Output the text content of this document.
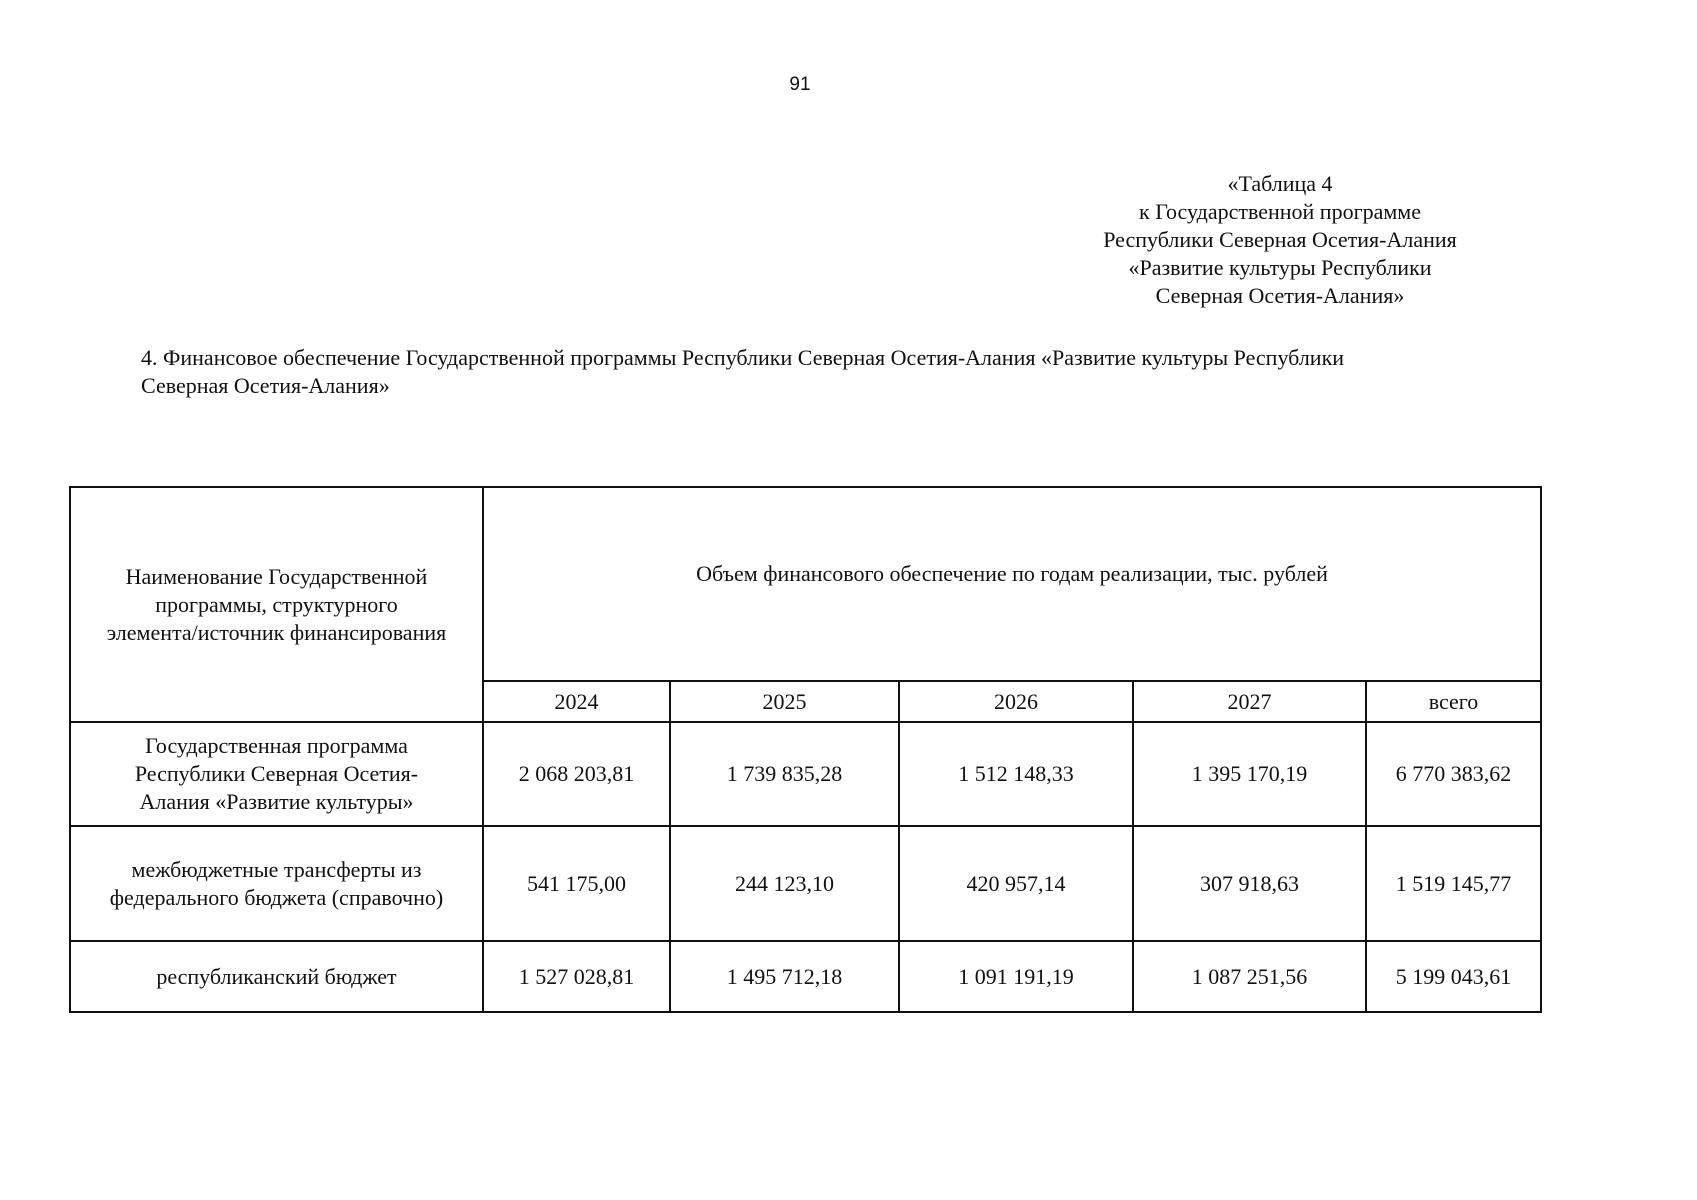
91
«Таблица 4
к Государственной программе
Республики Северная Осетия-Алания
«Развитие культуры Республики
Северная Осетия-Алания»
4. Финансовое обеспечение Государственной программы Республики Северная Осетия-Алания «Развитие культуры Республики
Северная Осетия-Алания»
Наименование Государственной
программы, структурного
элемента/источник финансирования	Объем финансового обеспечение по годам реализации, тыс. рублей				
	2024	2025	2026	2027	всего

Государственная программа
Республики Северная Осетия-
Алания «Развитие культуры»	2 068 203,81	1 739 835,28	1 512 148,33	1 395 170,19	6 770 383,62

межбюджетные трансферты из
федерального бюджета (справочно)	541 175,00	244 123,10	420 957,14	307 918,63	1 519 145,77

республиканский бюджет	1 527 028,81	1 495 712,18	1 091 191,19	1 087 251,56	5 199 043,61
